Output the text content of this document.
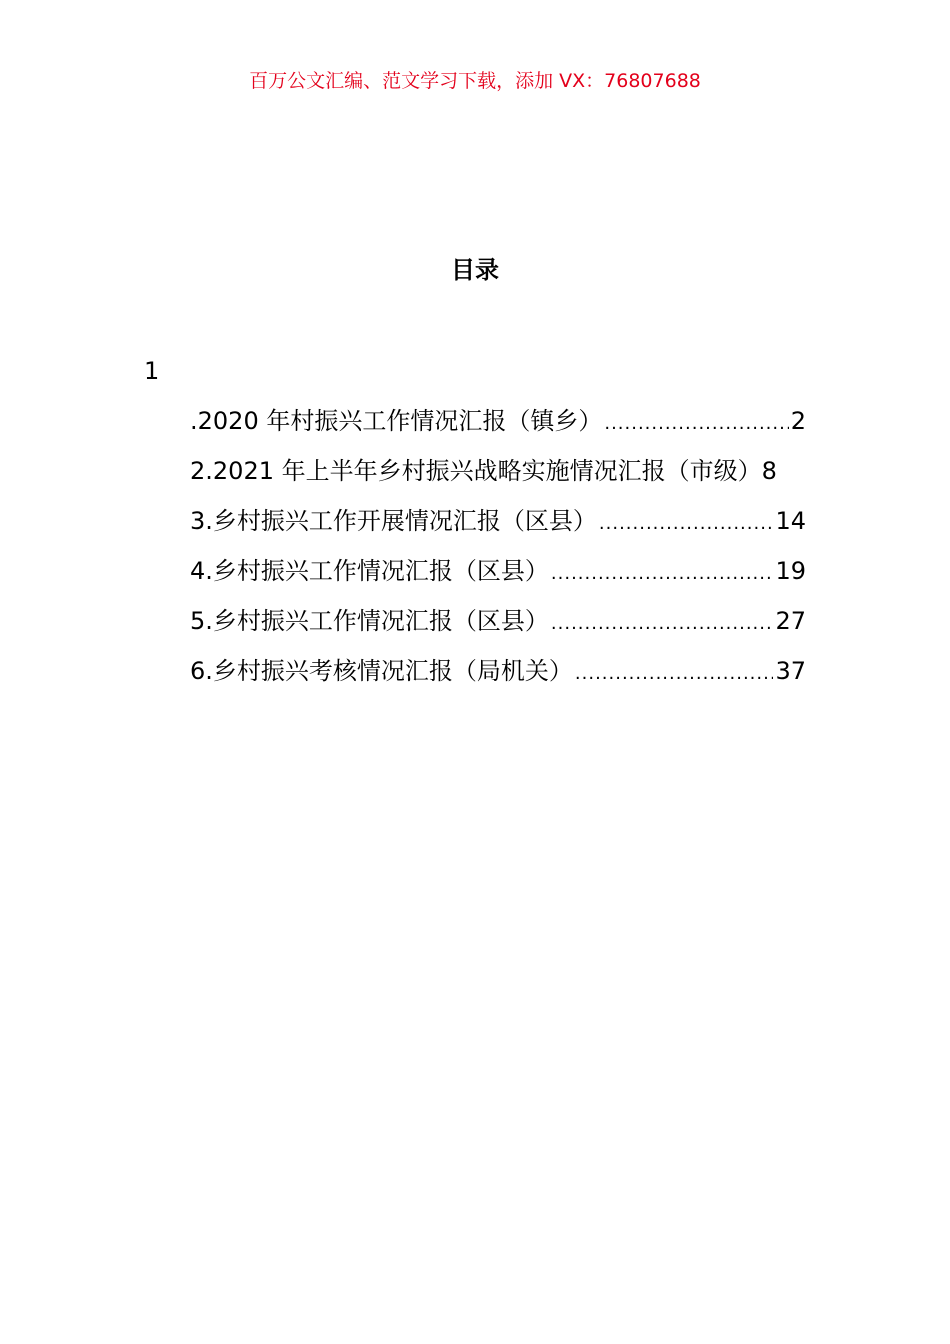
百万公文汇编、范文学习下载，添加 VX：76807688
目录
1
.2020 年村振兴工作情况汇报（镇乡） .....	2
2.2021 年上半年乡村振兴战略实施情况汇报（市级） 8
3.乡村振兴工作开展情况汇报（区县） .....	14
4.乡村振兴工作情况汇报（区县） .....	19
5.乡村振兴工作情况汇报（区县） .....	27
6.乡村振兴考核情况汇报（局机关） .....	37
